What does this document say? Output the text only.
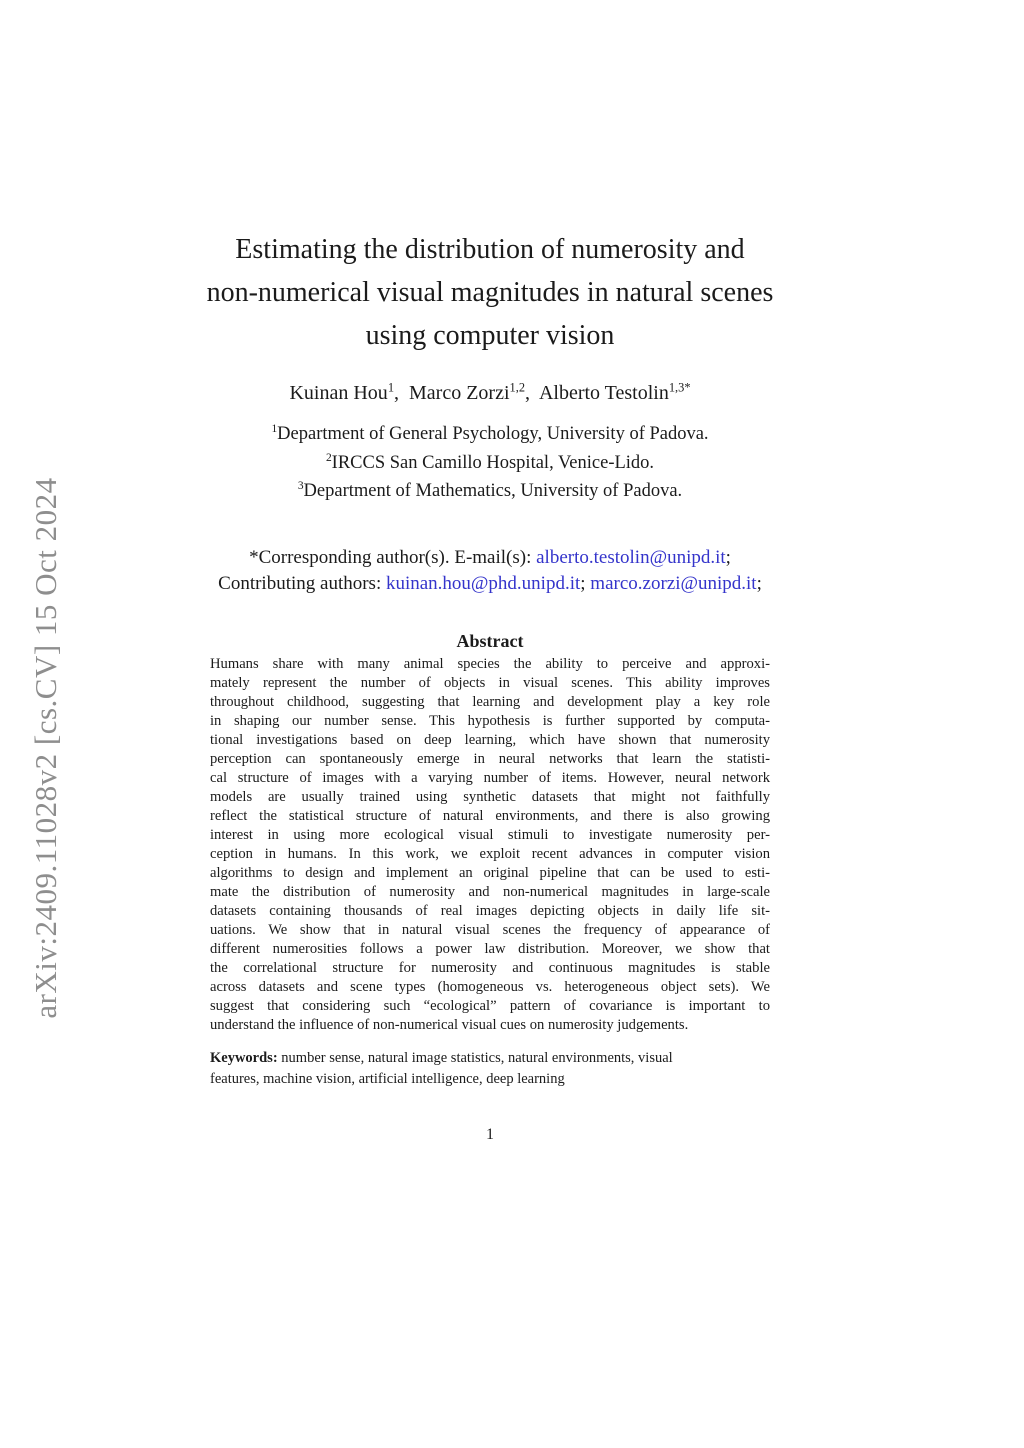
arXiv:2409.11028v2 [cs.CV] 15 Oct 2024
Estimating the distribution of numerosity and
non-numerical visual magnitudes in natural scenes
using computer vision
Kuinan Hou$^1$,  Marco Zorzi$^{1,2}$,  Alberto Testolin$^{1,3*}$
$^1$Department of General Psychology, University of Padova.
$^2$IRCCS San Camillo Hospital, Venice-Lido.
$^3$Department of Mathematics, University of Padova.
*Corresponding author(s). E-mail(s): alberto.testolin@unipd.it;
Contributing authors: kuinan.hou@phd.unipd.it; marco.zorzi@unipd.it;
Abstract
Humans share with many animal species the ability to perceive and approxi-
mately represent the number of objects in visual scenes. This ability improves
throughout childhood, suggesting that learning and development play a key role
in shaping our number sense. This hypothesis is further supported by computa-
tional investigations based on deep learning, which have shown that numerosity
perception can spontaneously emerge in neural networks that learn the statisti-
cal structure of images with a varying number of items. However, neural network
models are usually trained using synthetic datasets that might not faithfully
reflect the statistical structure of natural environments, and there is also growing
interest in using more ecological visual stimuli to investigate numerosity per-
ception in humans. In this work, we exploit recent advances in computer vision
algorithms to design and implement an original pipeline that can be used to esti-
mate the distribution of numerosity and non-numerical magnitudes in large-scale
datasets containing thousands of real images depicting objects in daily life sit-
uations. We show that in natural visual scenes the frequency of appearance of
different numerosities follows a power law distribution. Moreover, we show that
the correlational structure for numerosity and continuous magnitudes is stable
across datasets and scene types (homogeneous vs. heterogeneous object sets). We
suggest that considering such “ecological” pattern of covariance is important to
understand the influence of non-numerical visual cues on numerosity judgements.
Keywords: number sense, natural image statistics, natural environments, visual
features, machine vision, artificial intelligence, deep learning
1
